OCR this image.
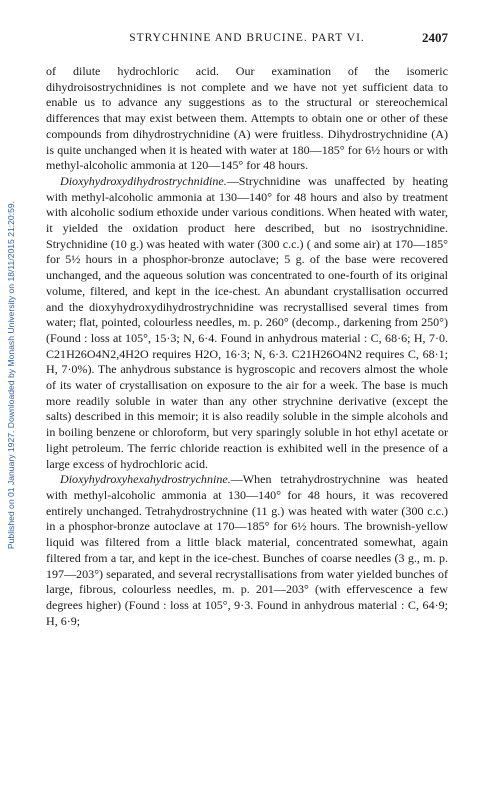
STRYCHNINE AND BRUCINE. PART VI.	2407
Published on 01 January 1927. Downloaded by Monash University on 18/11/2015 21:20:59.

of dilute hydrochloric acid. Our examination of the isomeric dihydroisostrychnidines is not complete and we have not yet sufficient data to enable us to advance any suggestions as to the structural or stereochemical differences that may exist between them. Attempts to obtain one or other of these compounds from dihydrostrychnidine (A) were fruitless. Dihydrostrychnidine (A) is quite unchanged when it is heated with water at 180—185° for 6½ hours or with methyl-alcoholic ammonia at 120—145° for 48 hours.

Dioxyhydroxydihydrostrychnidine.—Strychnidine was unaffected by heating with methyl-alcoholic ammonia at 130—140° for 48 hours and also by treatment with alcoholic sodium ethoxide under various conditions. When heated with water, it yielded the oxidation product here described, but no isostrychnidine. Strychnidine (10 g.) was heated with water (300 c.c.) ( and some air) at 170—185° for 5½ hours in a phosphor-bronze autoclave; 5 g. of the base were recovered unchanged, and the aqueous solution was concentrated to one-fourth of its original volume, filtered, and kept in the ice-chest. An abundant crystallisation occurred and the dioxyhydroxydihydrostrychnidine was recrystallised several times from water; flat, pointed, colourless needles, m. p. 260° (decomp., darkening from 250°) (Found : loss at 105°, 15·3; N, 6·4. Found in anhydrous material : C, 68·6; H, 7·0. C21H26O4N2,4H2O requires H2O, 16·3; N, 6·3. C21H26O4N2 requires C, 68·1; H, 7·0%). The anhydrous substance is hygroscopic and recovers almost the whole of its water of crystallisation on exposure to the air for a week. The base is much more readily soluble in water than any other strychnine derivative (except the salts) described in this memoir; it is also readily soluble in the simple alcohols and in boiling benzene or chloroform, but very sparingly soluble in hot ethyl acetate or light petroleum. The ferric chloride reaction is exhibited well in the presence of a large excess of hydrochloric acid.

Dioxyhydroxyhexahydrostrychnine.—When tetrahydrostrychnine was heated with methyl-alcoholic ammonia at 130—140° for 48 hours, it was recovered entirely unchanged. Tetrahydrostrychnine (11 g.) was heated with water (300 c.c.) in a phosphor-bronze autoclave at 170—185° for 6½ hours. The brownish-yellow liquid was filtered from a little black material, concentrated somewhat, again filtered from a tar, and kept in the ice-chest. Bunches of coarse needles (3 g., m. p. 197—203°) separated, and several recrystallisations from water yielded bunches of large, fibrous, colourless needles, m. p. 201—203° (with effervescence a few degrees higher) (Found : loss at 105°, 9·3. Found in anhydrous material : C, 64·9; H, 6·9;
